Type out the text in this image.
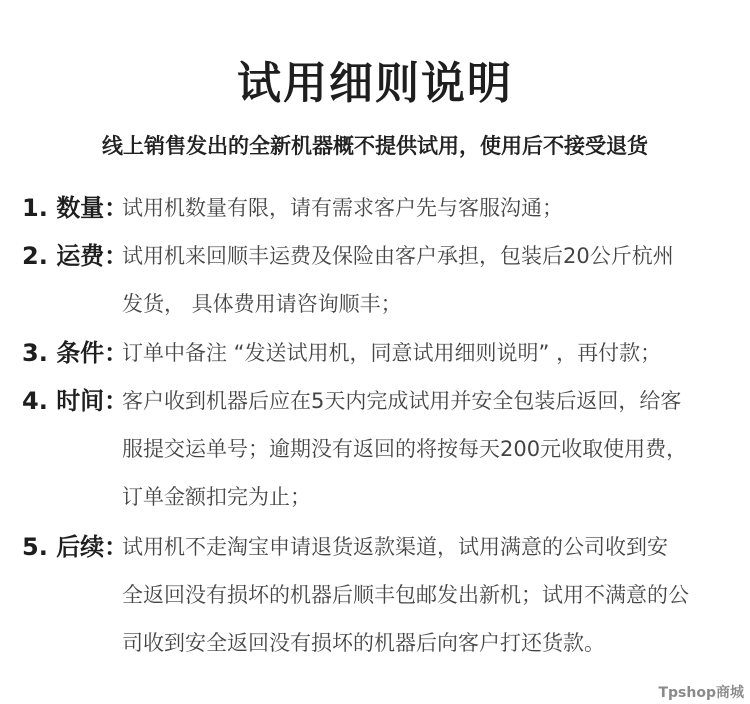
试用细则说明
线上销售发出的全新机器概不提供试用，使用后不接受退货
1. 数量：
试用机数量有限，请有需求客户先与客服沟通；
2. 运费：
试用机来回顺丰运费及保险由客户承担，包装后20公斤杭州
发货， 具体费用请咨询顺丰；
3. 条件：
订单中备注 “发送试用机，同意试用细则说明” ，再付款；
4. 时间：
客户收到机器后应在5天内完成试用并安全包装后返回，给客
服提交运单号；逾期没有返回的将按每天200元收取使用费，
订单金额扣完为止；
5. 后续：
试用机不走淘宝申请退货返款渠道，试用满意的公司收到安
全返回没有损坏的机器后顺丰包邮发出新机；试用不满意的公
司收到安全返回没有损坏的机器后向客户打还货款。
Tpshop商城
